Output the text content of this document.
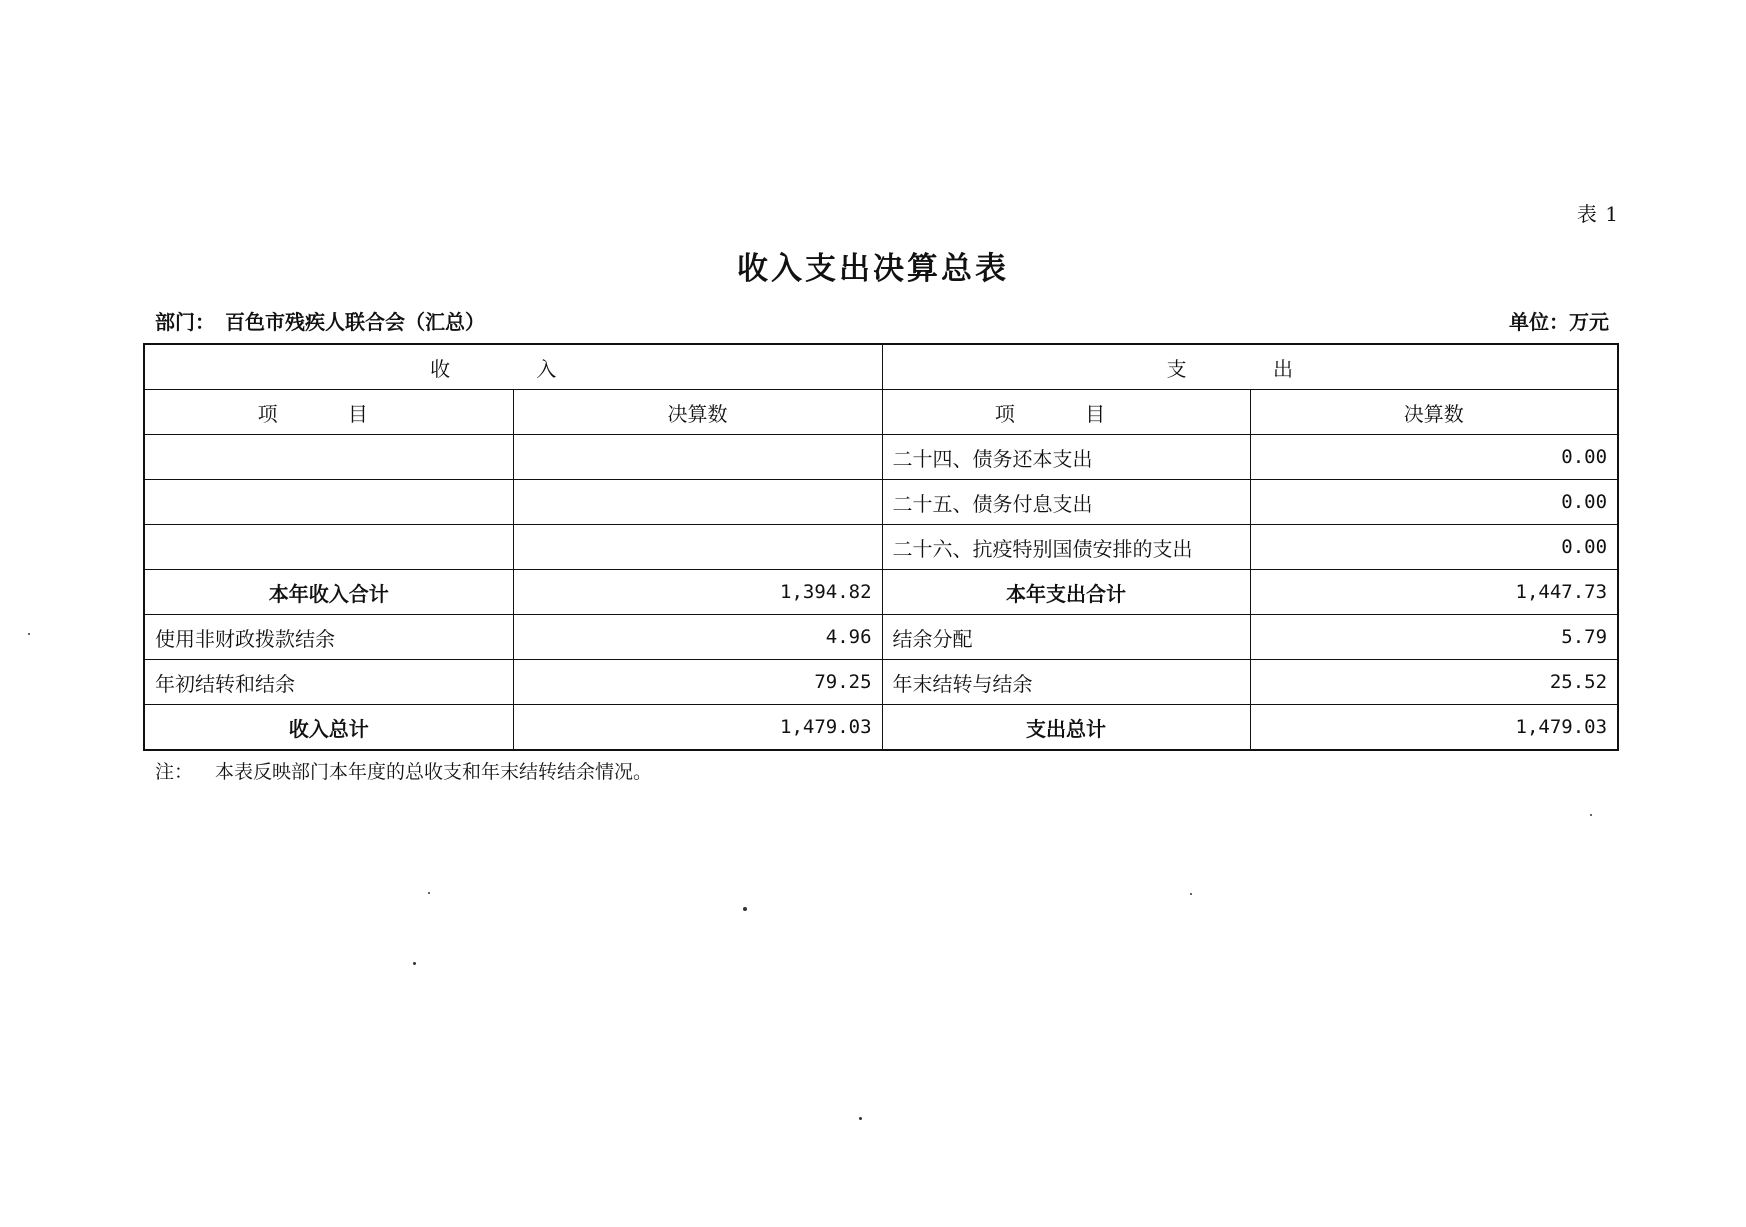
表 1
收入支出决算总表
部门： 百色市残疾人联合会（汇总）	单位：万元
收 入		支 出	
项 目	决算数	项 目	决算数
		二十四、债务还本支出	0.00
		二十五、债务付息支出	0.00
		二十六、抗疫特别国债安排的支出	0.00
本年收入合计	1,394.82	本年支出合计	1,447.73
使用非财政拨款结余	4.96	结余分配	5.79
年初结转和结余	79.25	年末结转与结余	25.52
收入总计	1,479.03	支出总计	1,479.03
注： 本表反映部门本年度的总收支和年末结转结余情况。
